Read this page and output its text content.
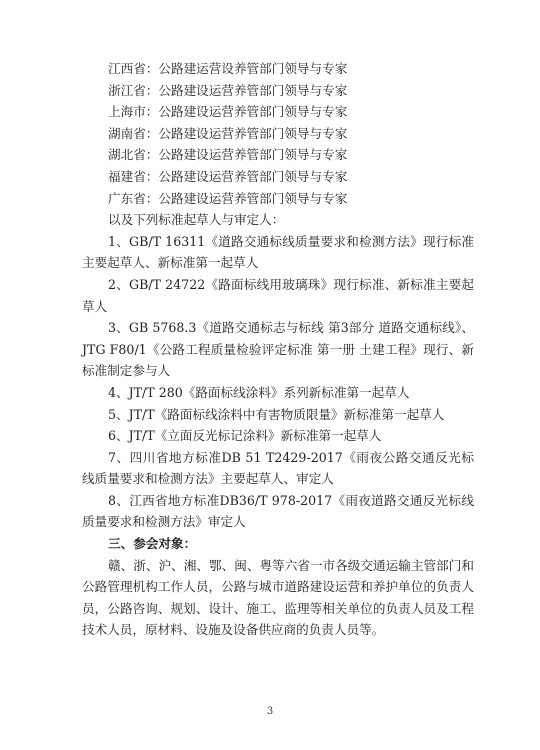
江西省：公路建运营设养管部门领导与专家

浙江省：公路建设运营养管部门领导与专家

上海市：公路建设运营养管部门领导与专家

湖南省：公路建设运营养管部门领导与专家

湖北省：公路建设运营养管部门领导与专家

福建省：公路建设运营养管部门领导与专家

广东省：公路建设运营养管部门领导与专家

以及下列标准起草人与审定人：

1、GB/T 16311《道路交通标线质量要求和检测方法》现行标准主要起草人、新标准第一起草人

2、GB/T 24722《路面标线用玻璃珠》现行标准、新标准主要起草人

3、GB 5768.3《道路交通标志与标线 第3部分 道路交通标线》、JTG F80/1《公路工程质量检验评定标准 第一册 土建工程》现行、新标准制定参与人

4、JT/T 280《路面标线涂料》系列新标准第一起草人

5、JT/T《路面标线涂料中有害物质限量》新标准第一起草人

6、JT/T《立面反光标记涂料》新标准第一起草人

7、四川省地方标准DB 51 T2429-2017《雨夜公路交通反光标线质量要求和检测方法》主要起草人、审定人

8、江西省地方标准DB36/T 978-2017《雨夜道路交通反光标线质量要求和检测方法》审定人

三、参会对象：

赣、浙、沪、湘、鄂、闽、粤等六省一市各级交通运输主管部门和公路管理机构工作人员，公路与城市道路建设运营和养护单位的负责人员，公路咨询、规划、设计、施工、监理等相关单位的负责人员及工程技术人员，原材料、设施及设备供应商的负责人员等。

3
